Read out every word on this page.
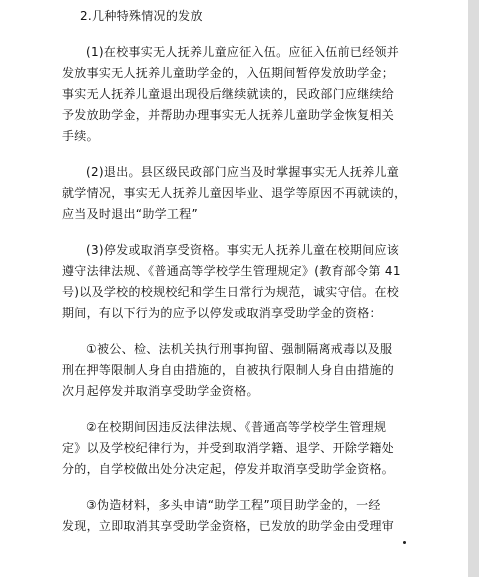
2.几种特殊情况的发放
(1)在校事实无人抚养儿童应征入伍。应征入伍前已经领并
发放事实无人抚养儿童助学金的，入伍期间暂停发放助学金；
事实无人抚养儿童退出现役后继续就读的，民政部门应继续给
予发放助学金，并帮助办理事实无人抚养儿童助学金恢复相关
手续。
(2)退出。县区级民政部门应当及时掌握事实无人抚养儿童
就学情况，事实无人抚养儿童因毕业、退学等原因不再就读的，
应当及时退出“助学工程”
(3)停发或取消享受资格。事实无人抚养儿童在校期间应该
遵守法律法规、《普通高等学校学生管理规定》(教育部令第 41
号)以及学校的校规校纪和学生日常行为规范，诚实守信。在校
期间，有以下行为的应予以停发或取消享受助学金的资格：
①被公、检、法机关执行刑事拘留、强制隔离戒毒以及服
刑在押等限制人身自由措施的，自被执行限制人身自由措施的
次月起停发并取消享受助学金资格。
②在校期间因违反法律法规、《普通高等学校学生管理规
定》以及学校纪律行为，并受到取消学籍、退学、开除学籍处
分的，自学校做出处分决定起，停发并取消享受助学金资格。
③伪造材料，多头申请“助学工程”项目助学金的，一经
发现，立即取消其享受助学金资格，已发放的助学金由受理审
